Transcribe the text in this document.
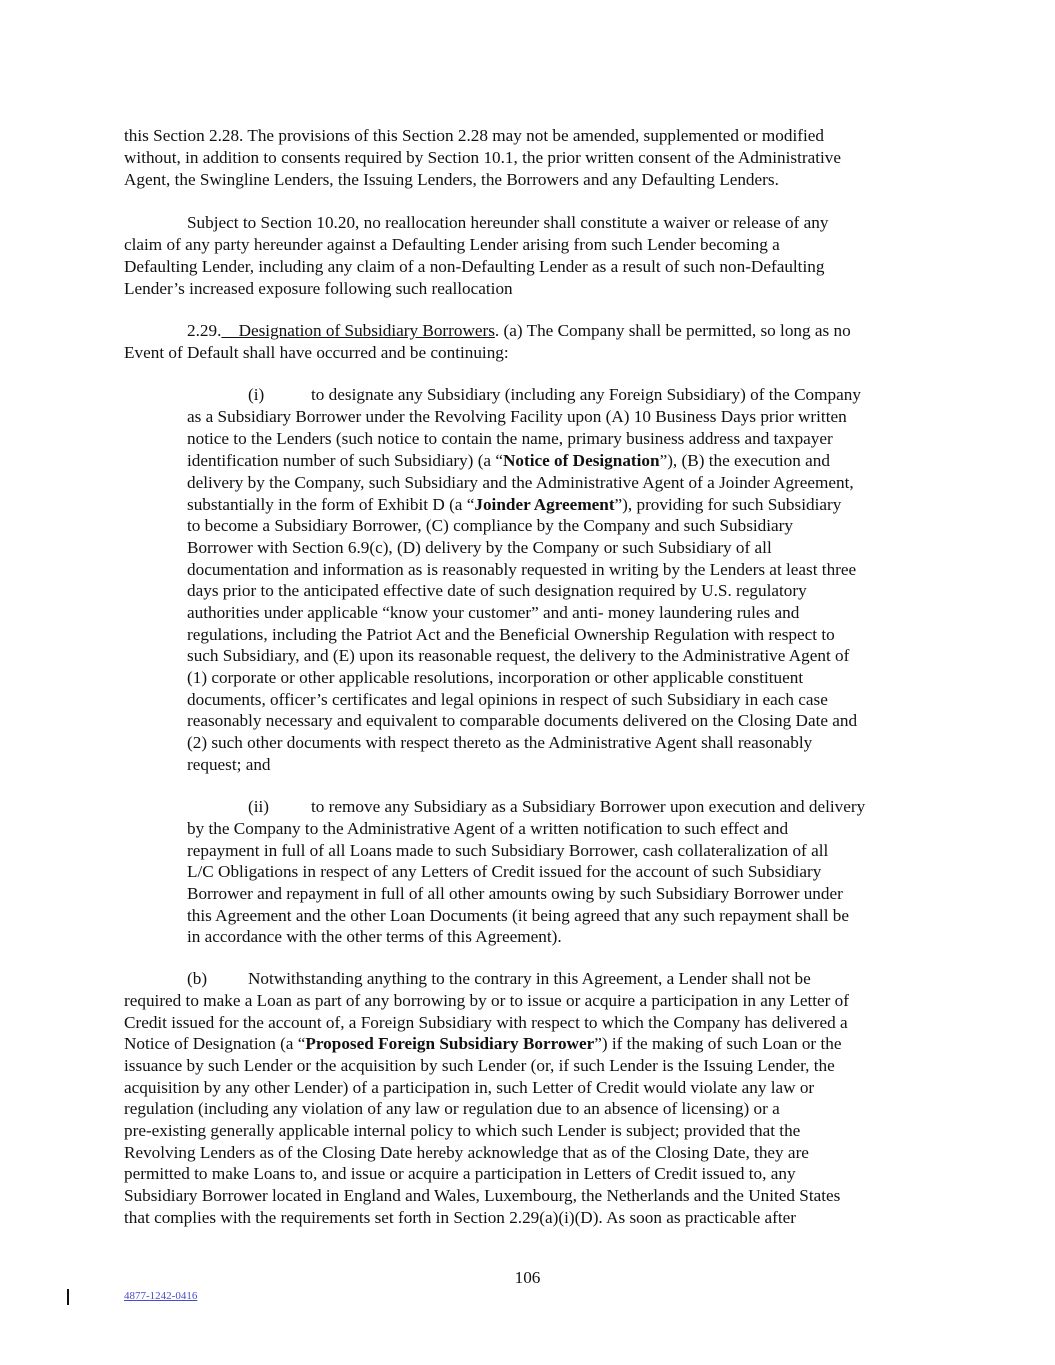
this Section 2.28. The provisions of this Section 2.28 may not be amended, supplemented or modified
without, in addition to consents required by Section 10.1, the prior written consent of the Administrative
Agent, the Swingline Lenders, the Issuing Lenders, the Borrowers and any Defaulting Lenders.
Subject to Section 10.20, no reallocation hereunder shall constitute a waiver or release of any
claim of any party hereunder against a Defaulting Lender arising from such Lender becoming a
Defaulting Lender, including any claim of a non-Defaulting Lender as a result of such non-Defaulting
Lender’s increased exposure following such reallocation
2.29. Designation of Subsidiary Borrowers. (a) The Company shall be permitted, so long as no
Event of Default shall have occurred and be continuing:
(i)	to designate any Subsidiary (including any Foreign Subsidiary) of the Company
as a Subsidiary Borrower under the Revolving Facility upon (A) 10 Business Days prior written
notice to the Lenders (such notice to contain the name, primary business address and taxpayer
identification number of such Subsidiary) (a “Notice of Designation”), (B) the execution and
delivery by the Company, such Subsidiary and the Administrative Agent of a Joinder Agreement,
substantially in the form of Exhibit D (a “Joinder Agreement”), providing for such Subsidiary
to become a Subsidiary Borrower, (C) compliance by the Company and such Subsidiary
Borrower with Section 6.9(c), (D) delivery by the Company or such Subsidiary of all
documentation and information as is reasonably requested in writing by the Lenders at least three
days prior to the anticipated effective date of such designation required by U.S. regulatory
authorities under applicable “know your customer” and anti- money laundering rules and
regulations, including the Patriot Act and the Beneficial Ownership Regulation with respect to
such Subsidiary, and (E) upon its reasonable request, the delivery to the Administrative Agent of
(1) corporate or other applicable resolutions, incorporation or other applicable constituent
documents, officer’s certificates and legal opinions in respect of such Subsidiary in each case
reasonably necessary and equivalent to comparable documents delivered on the Closing Date and
(2) such other documents with respect thereto as the Administrative Agent shall reasonably
request; and
(ii) to remove any Subsidiary as a Subsidiary Borrower upon execution and delivery
by the Company to the Administrative Agent of a written notification to such effect and
repayment in full of all Loans made to such Subsidiary Borrower, cash collateralization of all
L/C Obligations in respect of any Letters of Credit issued for the account of such Subsidiary
Borrower and repayment in full of all other amounts owing by such Subsidiary Borrower under
this Agreement and the other Loan Documents (it being agreed that any such repayment shall be
in accordance with the other terms of this Agreement).
(b) Notwithstanding anything to the contrary in this Agreement, a Lender shall not be
required to make a Loan as part of any borrowing by or to issue or acquire a participation in any Letter of
Credit issued for the account of, a Foreign Subsidiary with respect to which the Company has delivered a
Notice of Designation (a “Proposed Foreign Subsidiary Borrower”) if the making of such Loan or the
issuance by such Lender or the acquisition by such Lender (or, if such Lender is the Issuing Lender, the
acquisition by any other Lender) of a participation in, such Letter of Credit would violate any law or
regulation (including any violation of any law or regulation due to an absence of licensing) or a
pre-existing generally applicable internal policy to which such Lender is subject; provided that the
Revolving Lenders as of the Closing Date hereby acknowledge that as of the Closing Date, they are
permitted to make Loans to, and issue or acquire a participation in Letters of Credit issued to, any
Subsidiary Borrower located in England and Wales, Luxembourg, the Netherlands and the United States
that complies with the requirements set forth in Section 2.29(a)(i)(D). As soon as practicable after
106
4877-1242-0416
